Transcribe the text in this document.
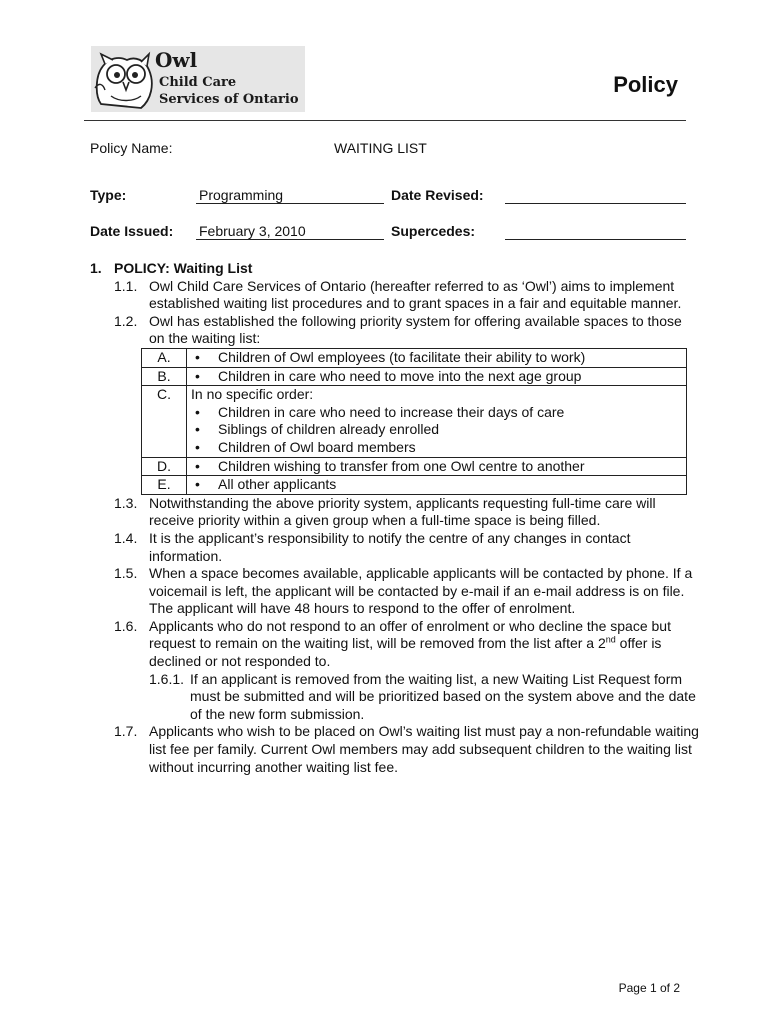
Owl
Child Care
Services of Ontario
Policy
Policy Name:	WAITING LIST
Type:	Programming	Date Revised:
Date Issued: February 3, 2010	Supercedes:
1. POLICY: Waiting List
1.1. Owl Child Care Services of Ontario (hereafter referred to as ‘Owl’) aims to implement established waiting list procedures and to grant spaces in a fair and equitable manner.
1.2. Owl has established the following priority system for offering available spaces to those on the waiting list:
A.	• Children of Owl employees (to facilitate their ability to work)

B.	• Children in care who need to move into the next age group

C.	In no specific order:
• Children in care who need to increase their days of care
• Siblings of children already enrolled
• Children of Owl board members

D.	• Children wishing to transfer from one Owl centre to another

E.	• All other applicants
1.3. Notwithstanding the above priority system, applicants requesting full-time care will receive priority within a given group when a full-time space is being filled.
1.4. It is the applicant’s responsibility to notify the centre of any changes in contact information.
1.5. When a space becomes available, applicable applicants will be contacted by phone. If a voicemail is left, the applicant will be contacted by e-mail if an e-mail address is on file. The applicant will have 48 hours to respond to the offer of enrolment.
1.6. Applicants who do not respond to an offer of enrolment or who decline the space but request to remain on the waiting list, will be removed from the list after a 2nd offer is declined or not responded to.
1.6.1. If an applicant is removed from the waiting list, a new Waiting List Request form must be submitted and will be prioritized based on the system above and the date of the new form submission.
1.7. Applicants who wish to be placed on Owl’s waiting list must pay a non-refundable waiting list fee per family. Current Owl members may add subsequent children to the waiting list without incurring another waiting list fee.
Page 1 of 2
